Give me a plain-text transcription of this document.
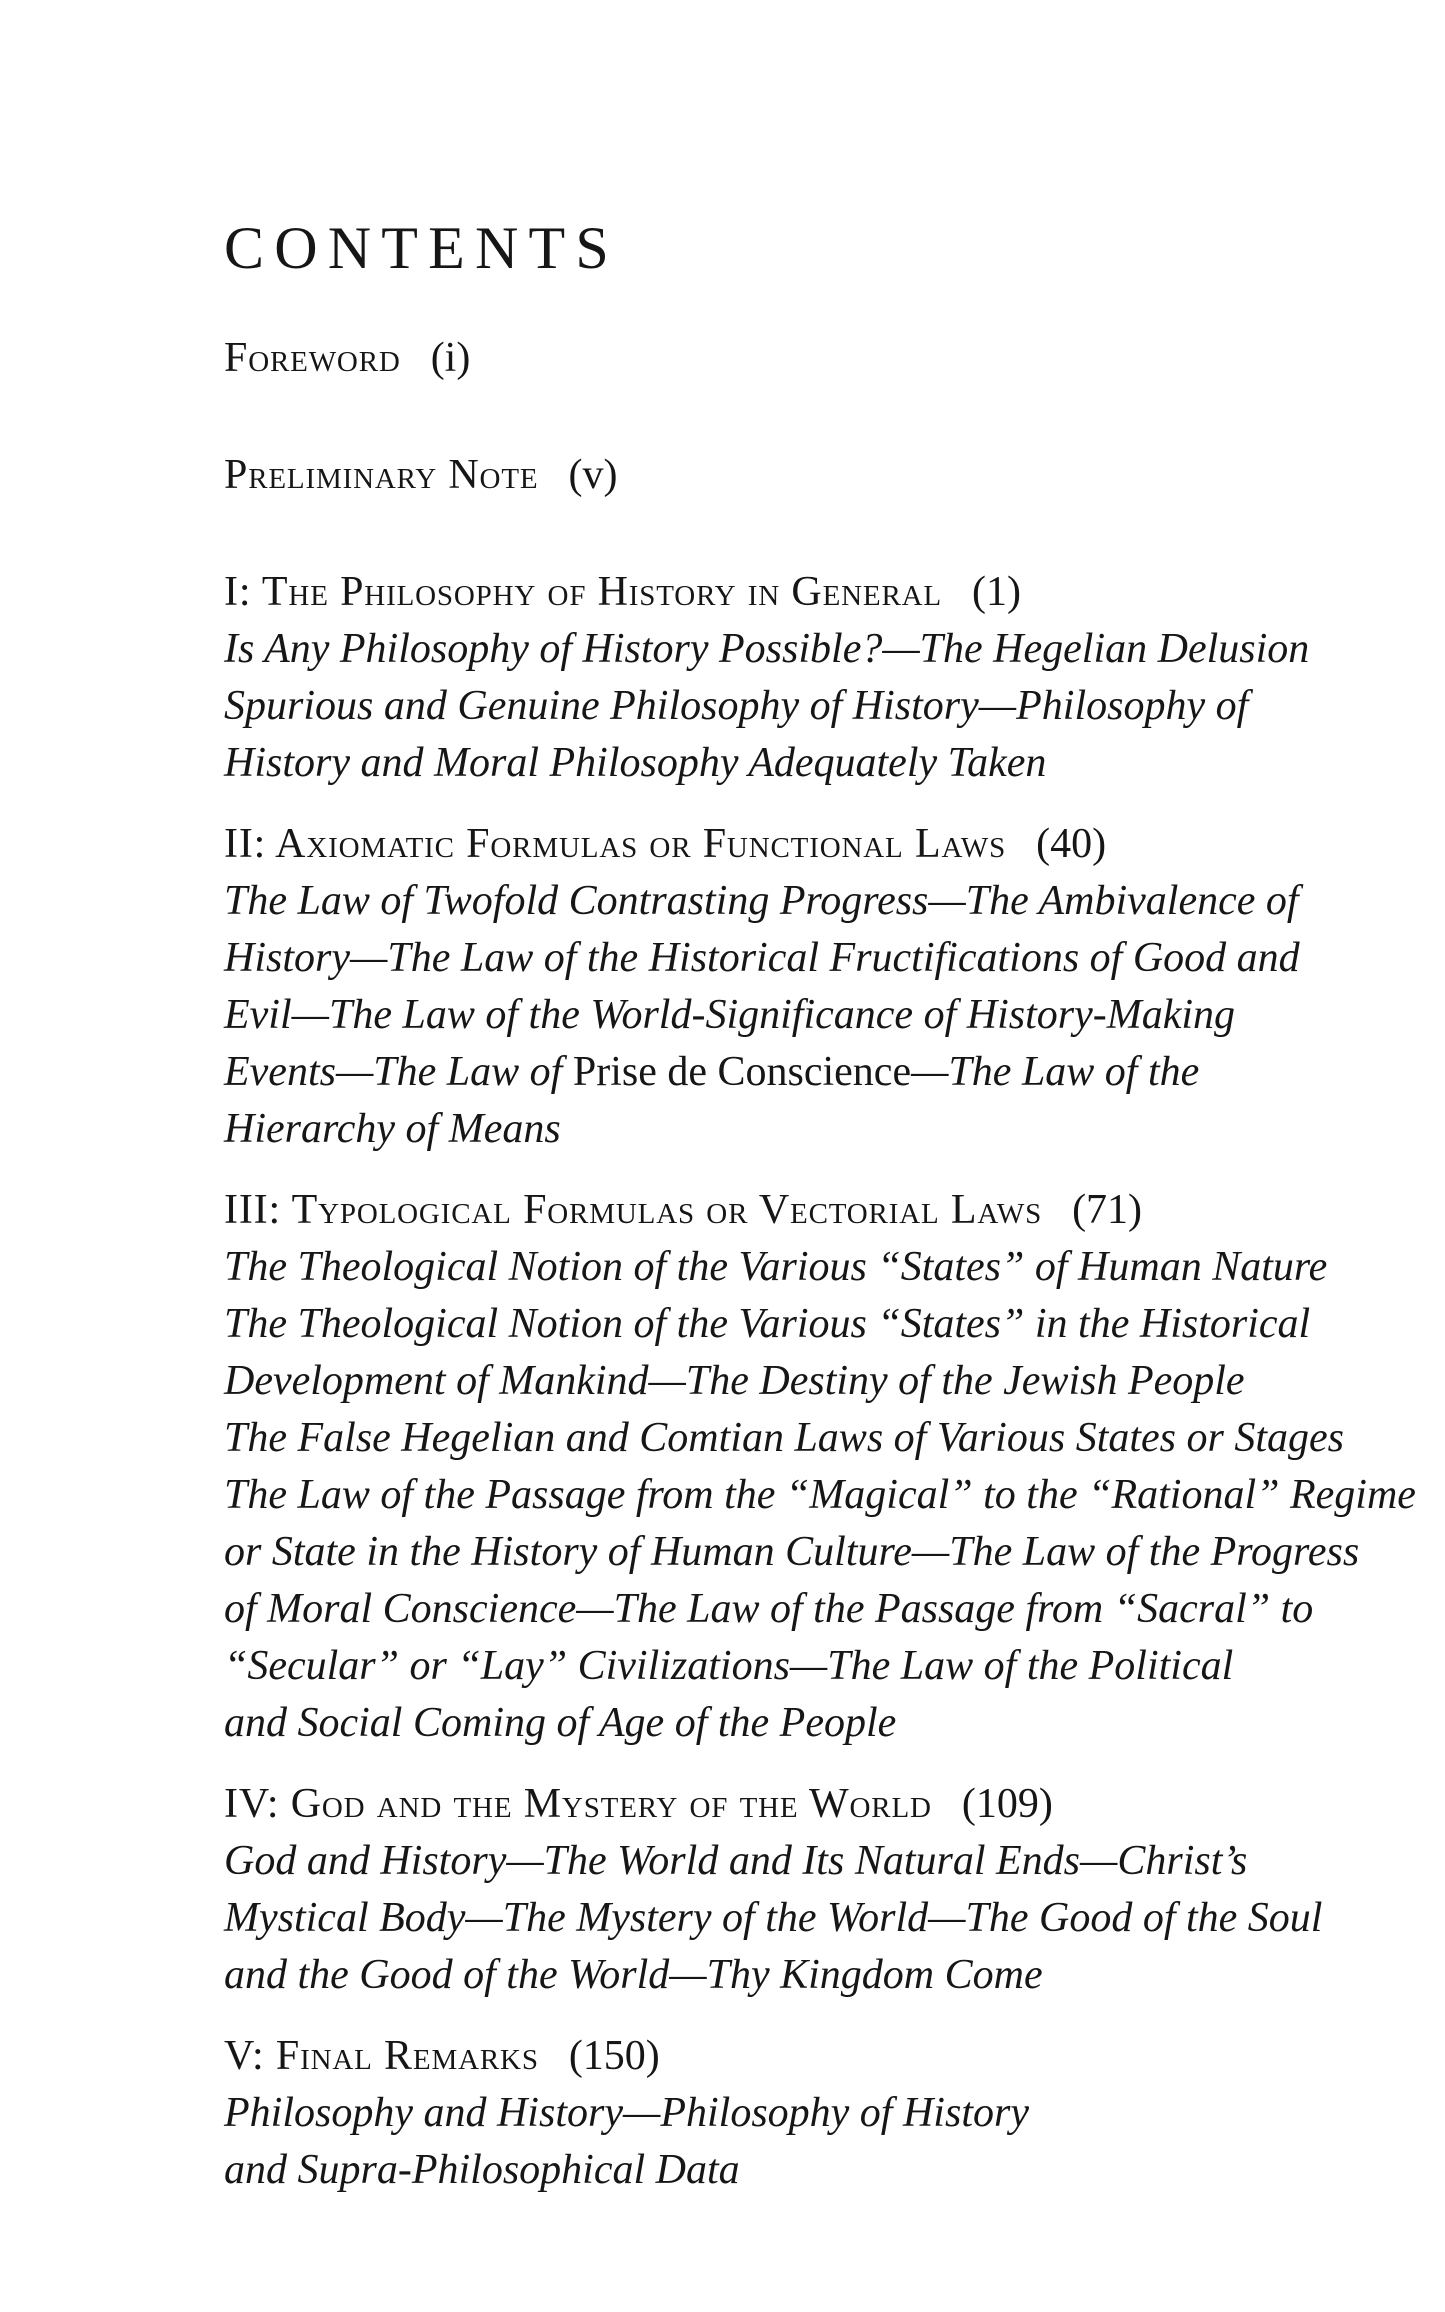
CONTENTS
Foreword (i)
Preliminary Note (v)
I: The Philosophy of History in General (1)
Is Any Philosophy of History Possible?—The Hegelian Delusion
Spurious and Genuine Philosophy of History—Philosophy of
History and Moral Philosophy Adequately Taken
II: Axiomatic Formulas or Functional Laws (40)
The Law of Twofold Contrasting Progress—The Ambivalence of
History—The Law of the Historical Fructifications of Good and
Evil—The Law of the World-Significance of History-Making
Events—The Law of Prise de Conscience—The Law of the
Hierarchy of Means
III: Typological Formulas or Vectorial Laws (71)
The Theological Notion of the Various “States” of Human Nature
The Theological Notion of the Various “States” in the Historical
Development of Mankind—The Destiny of the Jewish People
The False Hegelian and Comtian Laws of Various States or Stages
The Law of the Passage from the “Magical” to the “Rational” Regime
or State in the History of Human Culture—The Law of the Progress
of Moral Conscience—The Law of the Passage from “Sacral” to
“Secular” or “Lay” Civilizations—The Law of the Political
and Social Coming of Age of the People
IV: God and the Mystery of the World (109)
God and History—The World and Its Natural Ends—Christ’s
Mystical Body—The Mystery of the World—The Good of the Soul
and the Good of the World—Thy Kingdom Come
V: Final Remarks (150)
Philosophy and History—Philosophy of History
and Supra-Philosophical Data
